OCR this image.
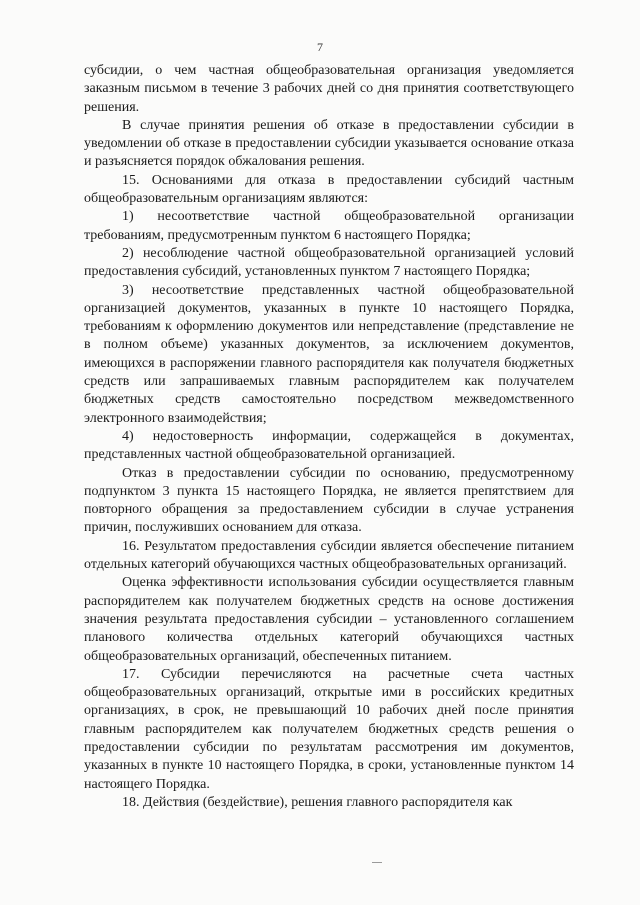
7

субсидии, о чем частная общеобразовательная организация уведомляется заказным письмом в течение 3 рабочих дней со дня принятия соответствующего решения.

В случае принятия решения об отказе в предоставлении субсидии в уведомлении об отказе в предоставлении субсидии указывается основание отказа и разъясняется порядок обжалования решения.

15. Основаниями для отказа в предоставлении субсидий частным общеобразовательным организациям являются:

1) несоответствие частной общеобразовательной организации требованиям, предусмотренным пунктом 6 настоящего Порядка;

2) несоблюдение частной общеобразовательной организацией условий предоставления субсидий, установленных пунктом 7 настоящего Порядка;

3) несоответствие представленных частной общеобразовательной организацией документов, указанных в пункте 10 настоящего Порядка, требованиям к оформлению документов или непредставление (представление не в полном объеме) указанных документов, за исключением документов, имеющихся в распоряжении главного распорядителя как получателя бюджетных средств или запрашиваемых главным распорядителем как получателем бюджетных средств самостоятельно посредством межведомственного электронного взаимодействия;

4) недостоверность информации, содержащейся в документах, представленных частной общеобразовательной организацией.

Отказ в предоставлении субсидии по основанию, предусмотренному подпунктом 3 пункта 15 настоящего Порядка, не является препятствием для повторного обращения за предоставлением субсидии в случае устранения причин, послуживших основанием для отказа.

16. Результатом предоставления субсидии является обеспечение питанием отдельных категорий обучающихся частных общеобразовательных организаций.

Оценка эффективности использования субсидии осуществляется главным распорядителем как получателем бюджетных средств на основе достижения значения результата предоставления субсидии – установленного соглашением планового количества отдельных категорий обучающихся частных общеобразовательных организаций, обеспеченных питанием.

17. Субсидии перечисляются на расчетные счета частных общеобразовательных организаций, открытые ими в российских кредитных организациях, в срок, не превышающий 10 рабочих дней после принятия главным распорядителем как получателем бюджетных средств решения о предоставлении субсидии по результатам рассмотрения им документов, указанных в пункте 10 настоящего Порядка, в сроки, установленные пунктом 14 настоящего Порядка.

18. Действия (бездействие), решения главного распорядителя как
